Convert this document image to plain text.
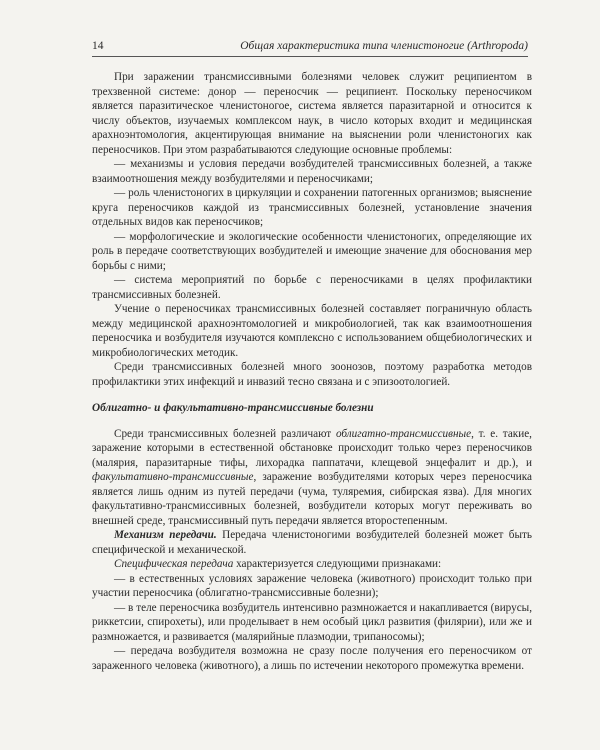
14	Общая характеристика типа членистоногие (Arthropoda)

При заражении трансмиссивными болезнями человек служит реципиентом в трехзвенной системе: донор — переносчик — реципиент. Поскольку переносчиком является паразитическое членистоногое, система является паразитарной и относится к числу объектов, изучаемых комплексом наук, в число которых входит и медицинская арахноэнтомология, акцентирующая внимание на выяснении роли членистоногих как переносчиков. При этом разрабатываются следующие основные проблемы:

— механизмы и условия передачи возбудителей трансмиссивных болезней, а также взаимоотношения между возбудителями и переносчиками;

— роль членистоногих в циркуляции и сохранении патогенных организмов; выяснение круга переносчиков каждой из трансмиссивных болезней, установление значения отдельных видов как переносчиков;

— морфологические и экологические особенности членистоногих, определяющие их роль в передаче соответствующих возбудителей и имеющие значение для обоснования мер борьбы с ними;

— система мероприятий по борьбе с переносчиками в целях профилактики трансмиссивных болезней.

Учение о переносчиках трансмиссивных болезней составляет пограничную область между медицинской арахноэнтомологией и микробиологией, так как взаимоотношения переносчика и возбудителя изучаются комплексно с использованием общебиологических и микробиологических методик.

Среди трансмиссивных болезней много зоонозов, поэтому разработка методов профилактики этих инфекций и инвазий тесно связана и с эпизоотологией.

Облигатно- и факультативно-трансмиссивные болезни

Среди трансмиссивных болезней различают облигатно-трансмиссивные, т. е. такие, заражение которыми в естественной обстановке происходит только через переносчиков (малярия, паразитарные тифы, лихорадка паппатачи, клещевой энцефалит и др.), и факультативно-трансмиссивные, заражение возбудителями которых через переносчика является лишь одним из путей передачи (чума, туляремия, сибирская язва). Для многих факультативно-трансмиссивных болезней, возбудители которых могут переживать во внешней среде, трансмиссивный путь передачи является второстепенным.

Механизм передачи. Передача членистоногими возбудителей болезней может быть специфической и механической.

Специфическая передача характеризуется следующими признаками:

— в естественных условиях заражение человека (животного) происходит только при участии переносчика (облигатно-трансмиссивные болезни);

— в теле переносчика возбудитель интенсивно размножается и накапливается (вирусы, риккетсии, спирохеты), или проделывает в нем особый цикл развития (филярии), или же и размножается, и развивается (малярийные плазмодии, трипаносомы);

— передача возбудителя возможна не сразу после получения его переносчиком от зараженного человека (животного), а лишь по истечении некоторого промежутка времени.
